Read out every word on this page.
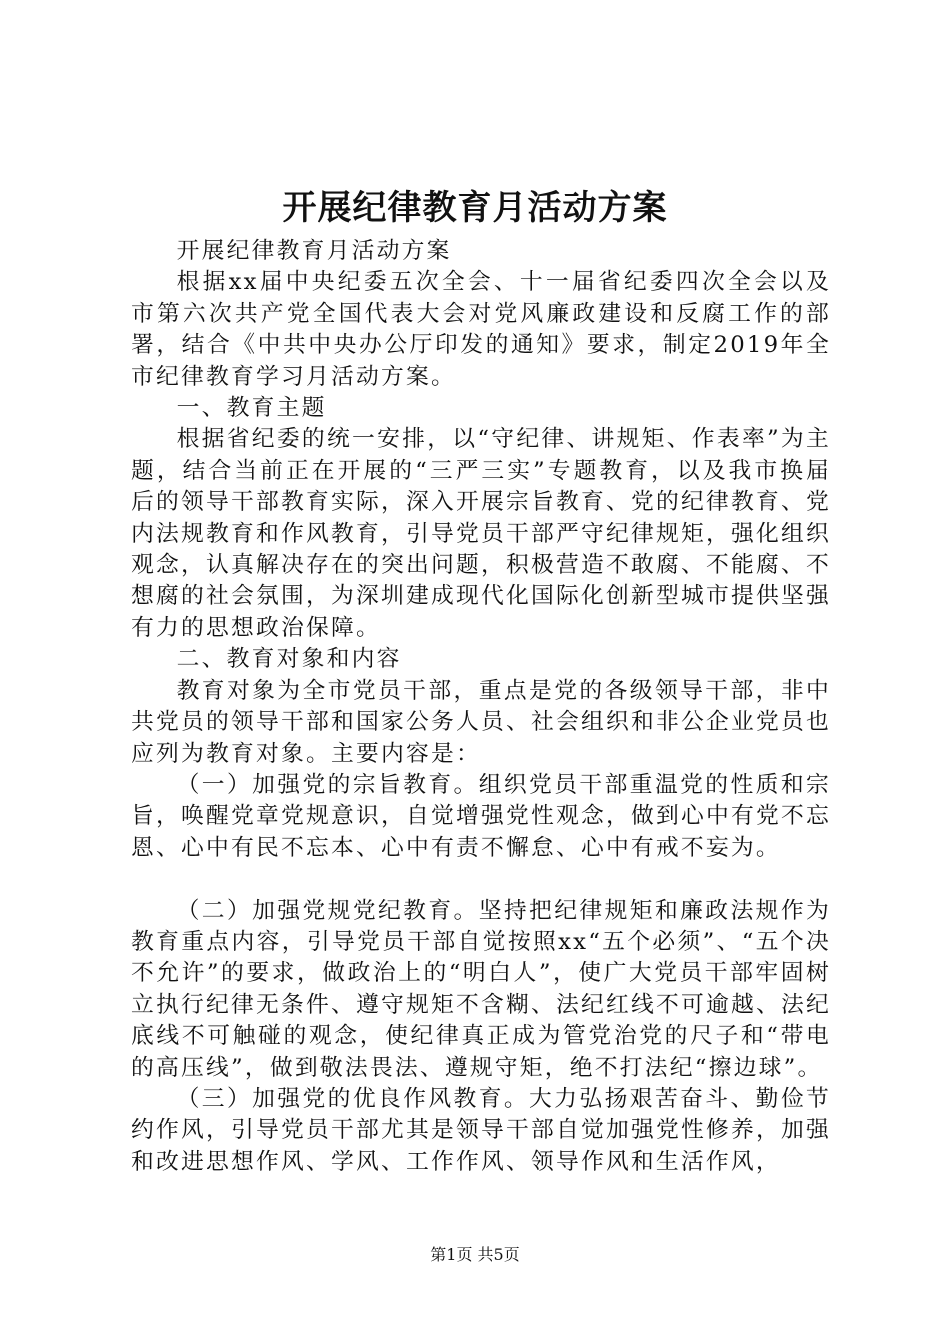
开展纪律教育月活动方案

开展纪律教育月活动方案

根据xx届中央纪委五次全会、十一届省纪委四次全会以及市第六次共产党全国代表大会对党风廉政建设和反腐工作的部署，结合《中共中央办公厅印发的通知》要求，制定2019年全市纪律教育学习月活动方案。

一、教育主题

根据省纪委的统一安排，以“守纪律、讲规矩、作表率”为主题，结合当前正在开展的“三严三实”专题教育，以及我市换届后的领导干部教育实际，深入开展宗旨教育、党的纪律教育、党内法规教育和作风教育，引导党员干部严守纪律规矩，强化组织观念，认真解决存在的突出问题，积极营造不敢腐、不能腐、不想腐的社会氛围，为深圳建成现代化国际化创新型城市提供坚强有力的思想政治保障。

二、教育对象和内容

教育对象为全市党员干部，重点是党的各级领导干部，非中共党员的领导干部和国家公务人员、社会组织和非公企业党员也应列为教育对象。主要内容是：

（一）加强党的宗旨教育。组织党员干部重温党的性质和宗旨，唤醒党章党规意识，自觉增强党性观念，做到心中有党不忘恩、心中有民不忘本、心中有责不懈怠、心中有戒不妄为。

（二）加强党规党纪教育。坚持把纪律规矩和廉政法规作为教育重点内容，引导党员干部自觉按照xx“五个必须”、“五个决不允许”的要求，做政治上的“明白人”，使广大党员干部牢固树立执行纪律无条件、遵守规矩不含糊、法纪红线不可逾越、法纪底线不可触碰的观念，使纪律真正成为管党治党的尺子和“带电的高压线”，做到敬法畏法、遵规守矩，绝不打法纪“擦边球”。

（三）加强党的优良作风教育。大力弘扬艰苦奋斗、勤俭节约作风，引导党员干部尤其是领导干部自觉加强党性修养，加强和改进思想作风、学风、工作作风、领导作风和生活作风，

第1页 共5页
